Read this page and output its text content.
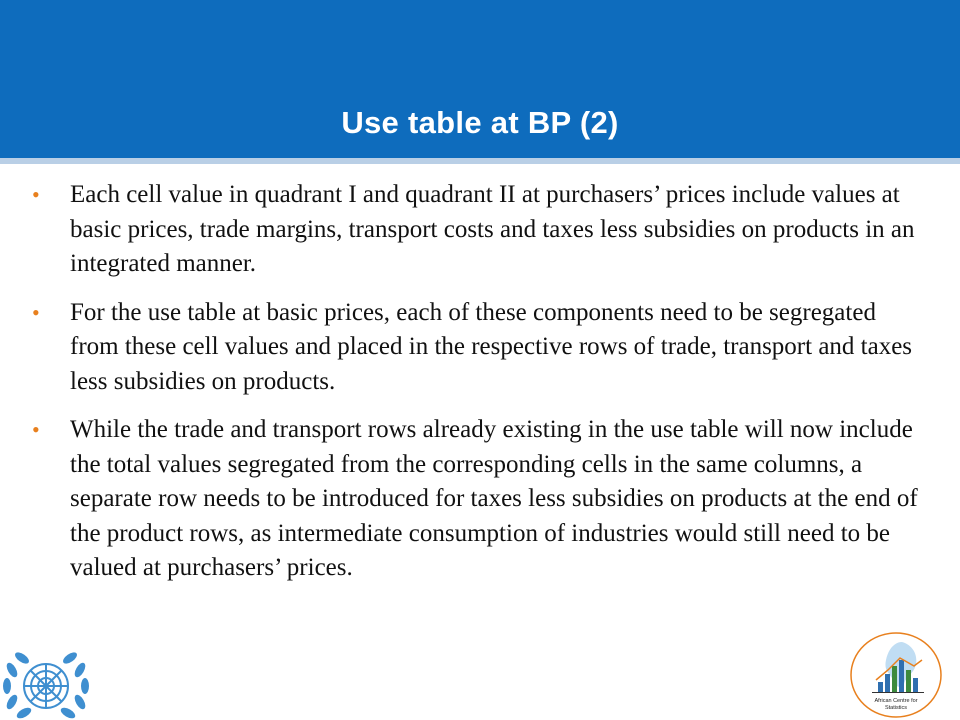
Use table at BP (2)
• Each cell value in quadrant I and quadrant II at purchasers’ prices include values at basic prices, trade margins, transport costs and taxes less subsidies on products in an integrated manner.
• For the use table at basic prices, each of these components need to be segregated from these cell values and placed in the respective rows of trade, transport and taxes less subsidies on products.
• While the trade and transport rows already existing in the use table will now include the total values segregated from the corresponding cells in the same columns, a separate row needs to be introduced for taxes less subsidies on products at the end of the product rows, as intermediate consumption of industries would still need to be valued at purchasers’ prices.
African Centre for
Statistics
